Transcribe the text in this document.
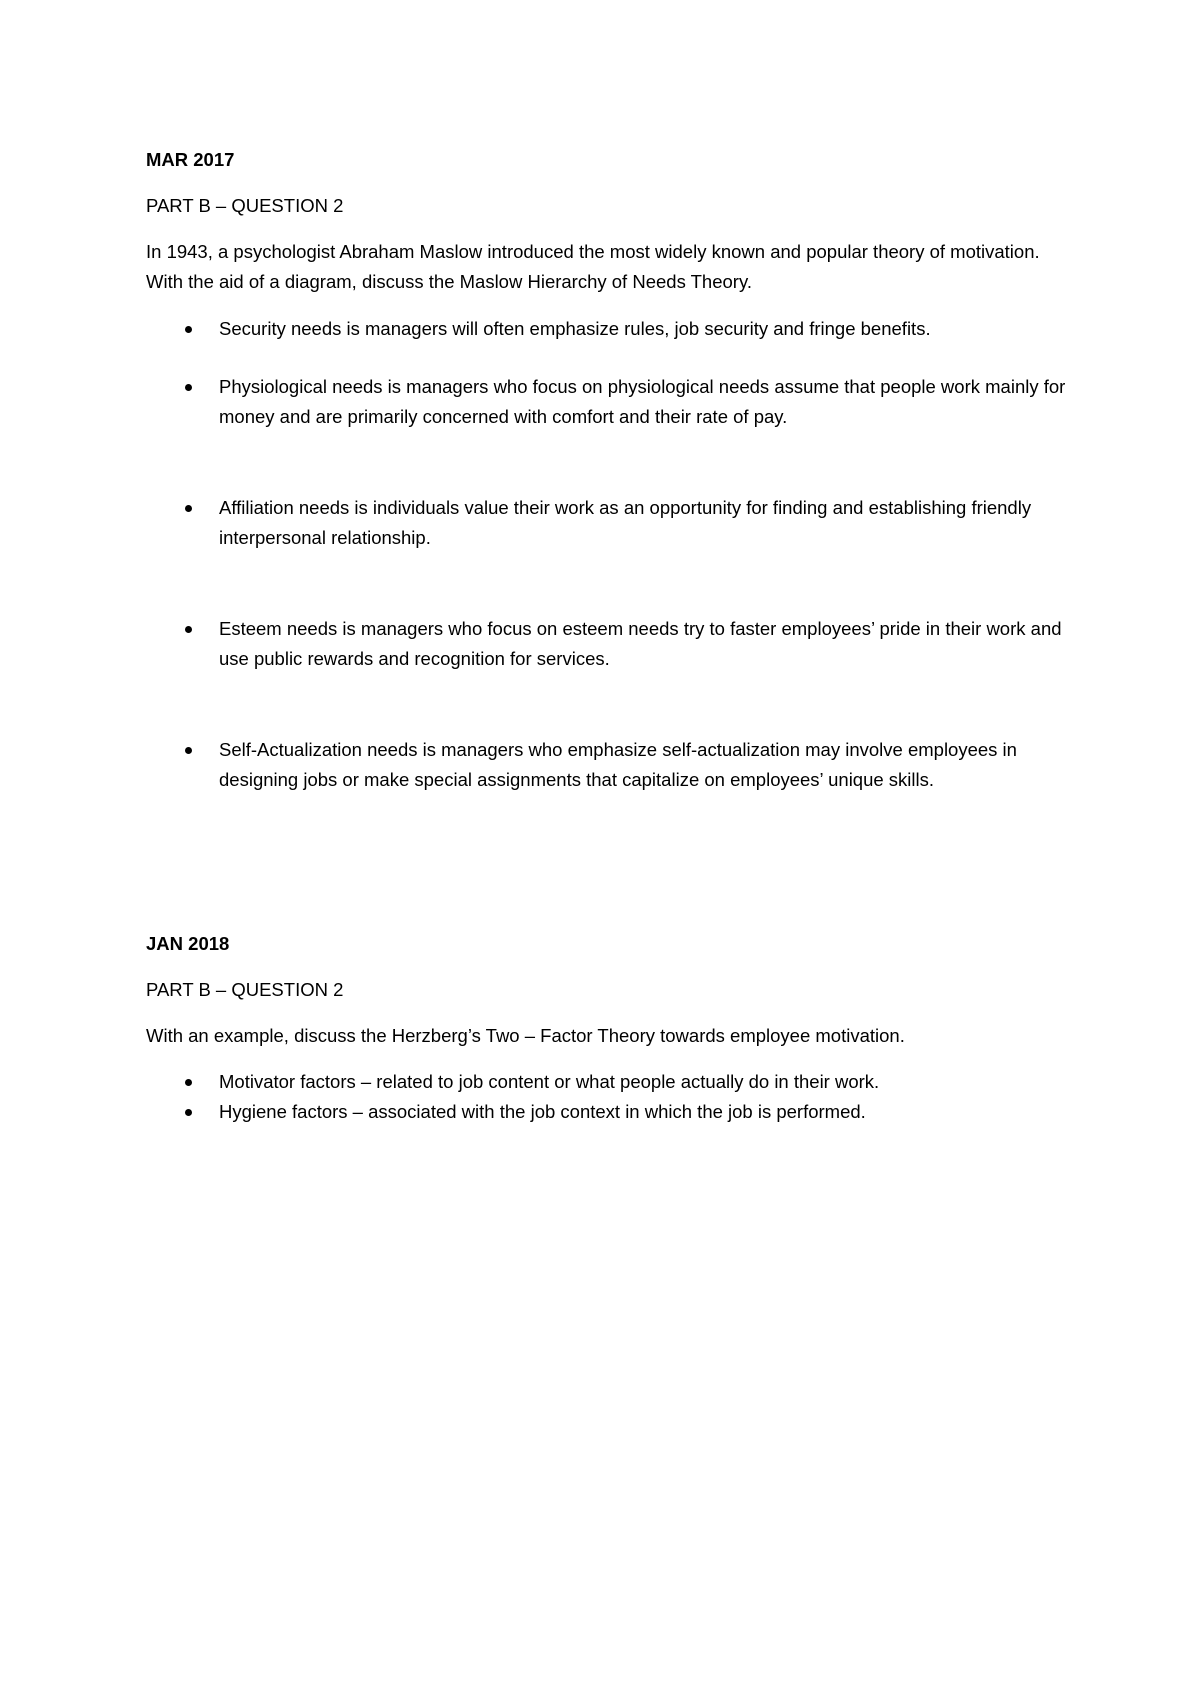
MAR 2017
PART B – QUESTION 2
In 1943, a psychologist Abraham Maslow introduced the most widely known and popular theory of motivation. With the aid of a diagram, discuss the Maslow Hierarchy of Needs Theory.
Security needs is managers will often emphasize rules, job security and fringe benefits.
Physiological needs is managers who focus on physiological needs assume that people work mainly for money and are primarily concerned with comfort and their rate of pay.
Affiliation needs is individuals value their work as an opportunity for finding and establishing friendly interpersonal relationship.
Esteem needs is managers who focus on esteem needs try to faster employees’ pride in their work and use public rewards and recognition for services.
Self-Actualization needs is managers who emphasize self-actualization may involve employees in designing jobs or make special assignments that capitalize on employees’ unique skills.
JAN 2018
PART B – QUESTION 2
With an example, discuss the Herzberg’s Two – Factor Theory towards employee motivation.
Motivator factors – related to job content or what people actually do in their work.
Hygiene factors – associated with the job context in which the job is performed.
